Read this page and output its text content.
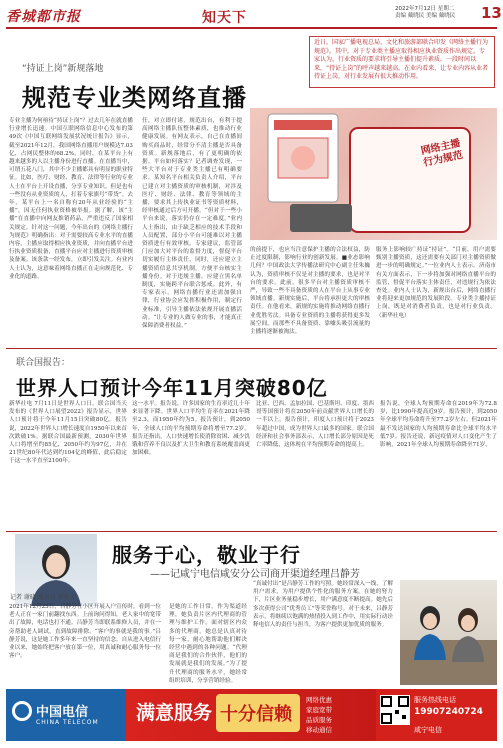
香城都市报	知天下
2022年7月12日 星期二
责编 戴晓民 美编 戴晓民	13
近日，国家广播电视总局、文化和旅游部联合印发《网络主播行为规范》。其中，对于专业类主播应取得相应执业资质作出规定。专家认为，行业资质的要求将引导主播们提升素质。一段时间以来，“持证上岗”的呼声越来越高。在业内看来，让专业内容从业者持证上岗，对行业发展有很大推动作用。
“持证上岗”新规落地
规范专业类网络直播
专业主播为何亟待“持证上岗”？过去几年在就直播行业增长迅速。中国互联网络信息中心发布的第49次《中国互联网络发展状况统计报告》显示，截至2021年12月，我国网络直播用户规模达7.03亿，占网民整体的68.2%。同时，在某平台上有越来越多的人以主播身份进行直播。在直播当中，可谓五花八门，其中不少主播都具有明显的职业特征。比如，医疗、财经、教育、法律等行业的专业人士在平台上开设直播，分享专业知识。但是也有一些没有从业资质的人，打着专家旗号“带货”。去年，某平台上一名自称有20年从业经验的“主播”，因无任何执业资格被举报。据了解，该“主播”在直播中向网友推销药品，严重违反了国家相关规定。针对这一问题，今年出台的《网络主播行为规范》明确指出：对于需要较高专业水平的直播内容，主播应取得相应执业资质，并向直播平台进行执业资质报备，直播平台应对主播进行资质审核及备案。该条款一经发布，立即引发关注。有业内人士认为，这意味着网络直播正在走向规范化、专业化的道路。
任，对立即付诸，规范出台，有利于提高网络主播队伍整体素质，也推动行业健康发展。有网友表示，自己在直播间购买商品时，经常分不清主播是否具备资质。新规落地后，有了更明确的依据。平台如何落实？记者调查发现，一些大平台对于专业类主播已有明确要求。某知名平台相关负责人介绍，平台已建立对主播资质的审核机制，对涉及医疗、财经、法律、教育等领域的主播，要求其上传执业证书等资质材料，经审核通过后方可开播。“但对于一些小平台来说，落实仍存在一定难度。”业内人士指出，由于缺乏相应的技术手段和人员配置，部分小平台可能难以对主播资质进行有效审核。专家建议，监管部门应加大对平台的监督力度，督促平台切实履行主体责任。同时，还应建立主播资质信息共享机制，方便平台核实主播身份。对于违规主播，应建立黑名单制度，实施跨平台联合惩戒。此外，有专家表示，网络直播行业还需加强自律，行业协会应发挥积极作用，制定行业标准，引导主播依法依规开展直播活动。“让专业的人做专业的事，才能真正保障消费者权益。”
网络主播行为规范
的前提下，也应当注意保护主播的合法权益，防止过度限制，影响行业的创新发展。■业态影响几何？中国政法大学传播法研究中心副主任朱巍认为，资质审核不仅是对主播的要求，也是对平台的要求。此前，很多平台对主播资质审核不严，导致一些不具备资质的人在平台上从事专业领域直播。新规实施后，平台将承担更大的审核责任。在他看来，新规的实施将推动网络直播行业优胜劣汰。具备专业资质的主播将获得更多发展空间，而那些不具备资质、靠噱头吸引流量的主播将逐渐被淘汰。
服务上影响较广持证“持证”。“目前，用户需要甄别主播资质，这还需要有关部门对主播资质做进一步的明确规定。”一位业内人士表示。济南市有关方面表示，下一步将加强对网络直播平台的监管，督促平台落实主体责任，对违规行为依法查处。业内人士认为，新规出台后，网络直播行业将迎来更加规范的发展阶段。专业类主播持证上岗，既是对消费者负责，也是对行业负责。（新华社电）
联合国报告：
世界人口预计今年11月突破80亿
新华社电 7月11日是世界人口日。联合国当天发布的《世界人口展望2022》报告显示，世界人口预计将于今年11月15日突破80亿。报告说，2022年世界人口增长速度自1950年以来首次跌破1%。据联合国最新预测，2030年世界人口将增至约85亿，2050年约为97亿，并在21世纪80年代达到约104亿的峰值，此后稳定于这一水平直至2100年。
这一水平。报告说，许多国家的生育率近几十年来显著下降。世界人口平均生育率在2021年降至2.3，而1950年约为5。报告预计，到2050年，全球人口的平均预期寿命将增至77.2岁。报告还指出，人口快速增长使消除贫困、减少饥饿和营养不良以及扩大卫生和教育系统覆盖面更加困难。
比亚、巴西、孟加拉国、巴基斯坦、印度、墨西哥等国预计将在2050年前贡献世界人口增长的一半以上。报告预计，印度人口预计将于2023年超过中国，成为世界人口最多的国家。联合国经济和社会事务部表示，人口增长部分原因是死亡率降低，这体现在平均预期寿命的提高上。
报告说，全球人均预期寿命在2019年为72.8岁，比1990年提高近9岁。报告预计，到2050年全球平均寿命将升至77.2岁左右。但2021年最不发达国家的人均预期寿命比全球平均水平低7岁。报告还说，新冠疫情对人口变化产生了影响，2021年全球人均预期寿命降至71岁。
服务于心，敬业于行
——记咸宁电信咸安分公司商开渠道经理吕静芳
记者 谢晓 通讯员 罗贵芳
2021年12月23日，吕静芳在小区开展入户宣传时，看到一位老人正在一家门前翻找东西。上前询问得知，老人家中的宽带出了故障，电话也打不通。吕静芳当即联系维修人员，并在一旁帮助老人调试，直到故障排除。“客户的事就是我的事。”吕静芳说，这是她工作多年来一直坚持的信念。自从进入电信行业以来，她始终把客户放在第一位，用真诚和耐心服务每一位客户。
是她的工作日常。作为渠道经理，她负责片区内代理商的管理与维护工作。面对辖区内众多的代理商，她总是认真对待每一家，耐心地帮助他们解决经营中遇到的各种问题。“代理商是我们的合作伙伴，他们的发展就是我们的发展。”为了提升代理商的服务水平，她经常组织培训，分享营销经验。
“真诚付出”是吕静芳工作的写照。她经常深入一线，了解用户需求，为用户提供个性化的服务方案。在她的努力下，片区业务量稳步增长，用户满意度不断提高。她先后多次获得公司“优秀员工”等荣誉称号。对于未来，吕静芳表示，将继续以饱满的热情投入到工作中，用实际行动诠释电信人的责任与担当，为客户提供更加优质的服务。
中国电信
CHINA TELECOM 满意服务 十分信赖
网络优惠
家庭宽带
品质服务
移动通信
服务热线电话
19907240724
咸宁电信
